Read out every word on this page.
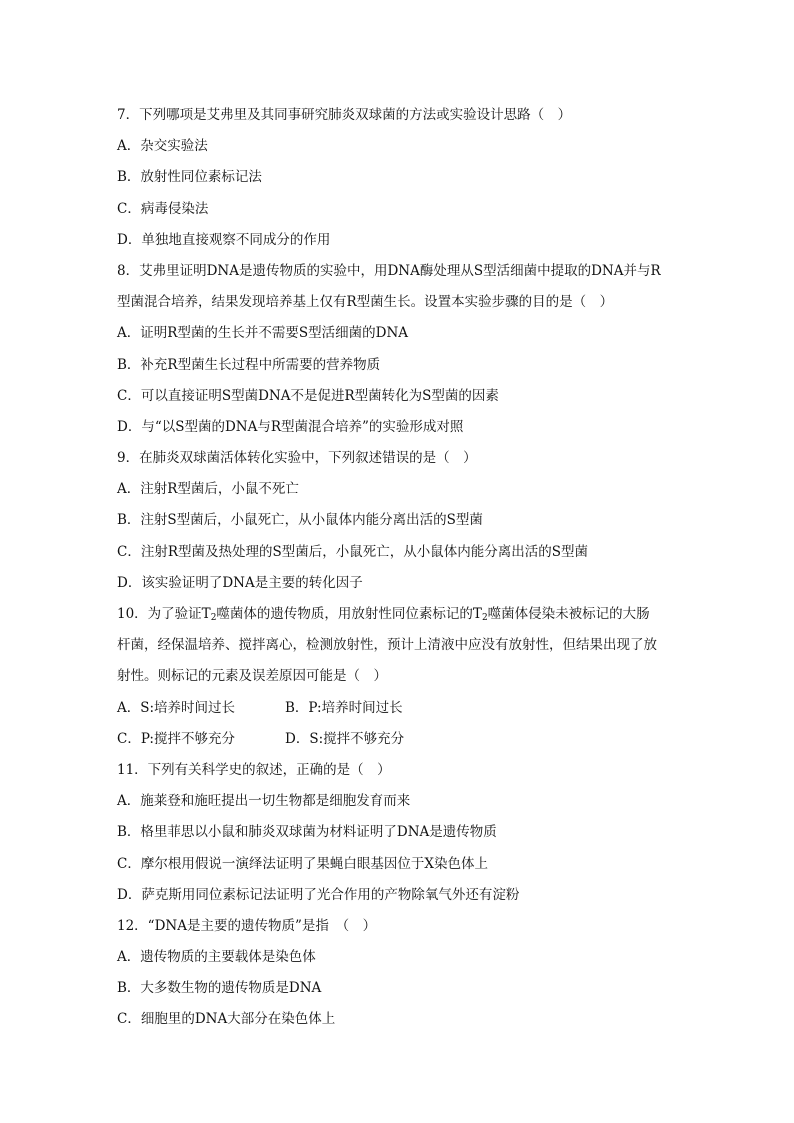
7．下列哪项是艾弗里及其同事研究肺炎双球菌的方法或实验设计思路（　）
A．杂交实验法
B．放射性同位素标记法
C．病毒侵染法
D．单独地直接观察不同成分的作用
8．艾弗里证明DNA是遗传物质的实验中，用DNA酶处理从S型活细菌中提取的DNA并与R
型菌混合培养，结果发现培养基上仅有R型菌生长。设置本实验步骤的目的是（　）
A．证明R型菌的生长并不需要S型活细菌的DNA
B．补充R型菌生长过程中所需要的营养物质
C．可以直接证明S型菌DNA不是促进R型菌转化为S型菌的因素
D．与“以S型菌的DNA与R型菌混合培养”的实验形成对照
9．在肺炎双球菌活体转化实验中，下列叙述错误的是（　）
A．注射R型菌后，小鼠不死亡
B．注射S型菌后，小鼠死亡，从小鼠体内能分离出活的S型菌
C．注射R型菌及热处理的S型菌后，小鼠死亡，从小鼠体内能分离出活的S型菌
D．该实验证明了DNA是主要的转化因子
10．为了验证$T_2$噬菌体的遗传物质，用放射性同位素标记的$T_2$噬菌体侵染未被标记的大肠
杆菌，经保温培养、搅拌离心，检测放射性，预计上清液中应没有放射性，但结果出现了放
射性。则标记的元素及误差原因可能是（　）
A．S:培养时间过长	B．P:培养时间过长
C．P:搅拌不够充分	D．S:搅拌不够充分
11．下列有关科学史的叙述，正确的是（　）
A．施莱登和施旺提出一切生物都是细胞发育而来
B．格里菲思以小鼠和肺炎双球菌为材料证明了DNA是遗传物质
C．摩尔根用假说一演绎法证明了果蝇白眼基因位于X染色体上
D．萨克斯用同位素标记法证明了光合作用的产物除氧气外还有淀粉
12．“DNA是主要的遗传物质”是指　（　）
A．遗传物质的主要载体是染色体
B．大多数生物的遗传物质是DNA
C．细胞里的DNA大部分在染色体上
